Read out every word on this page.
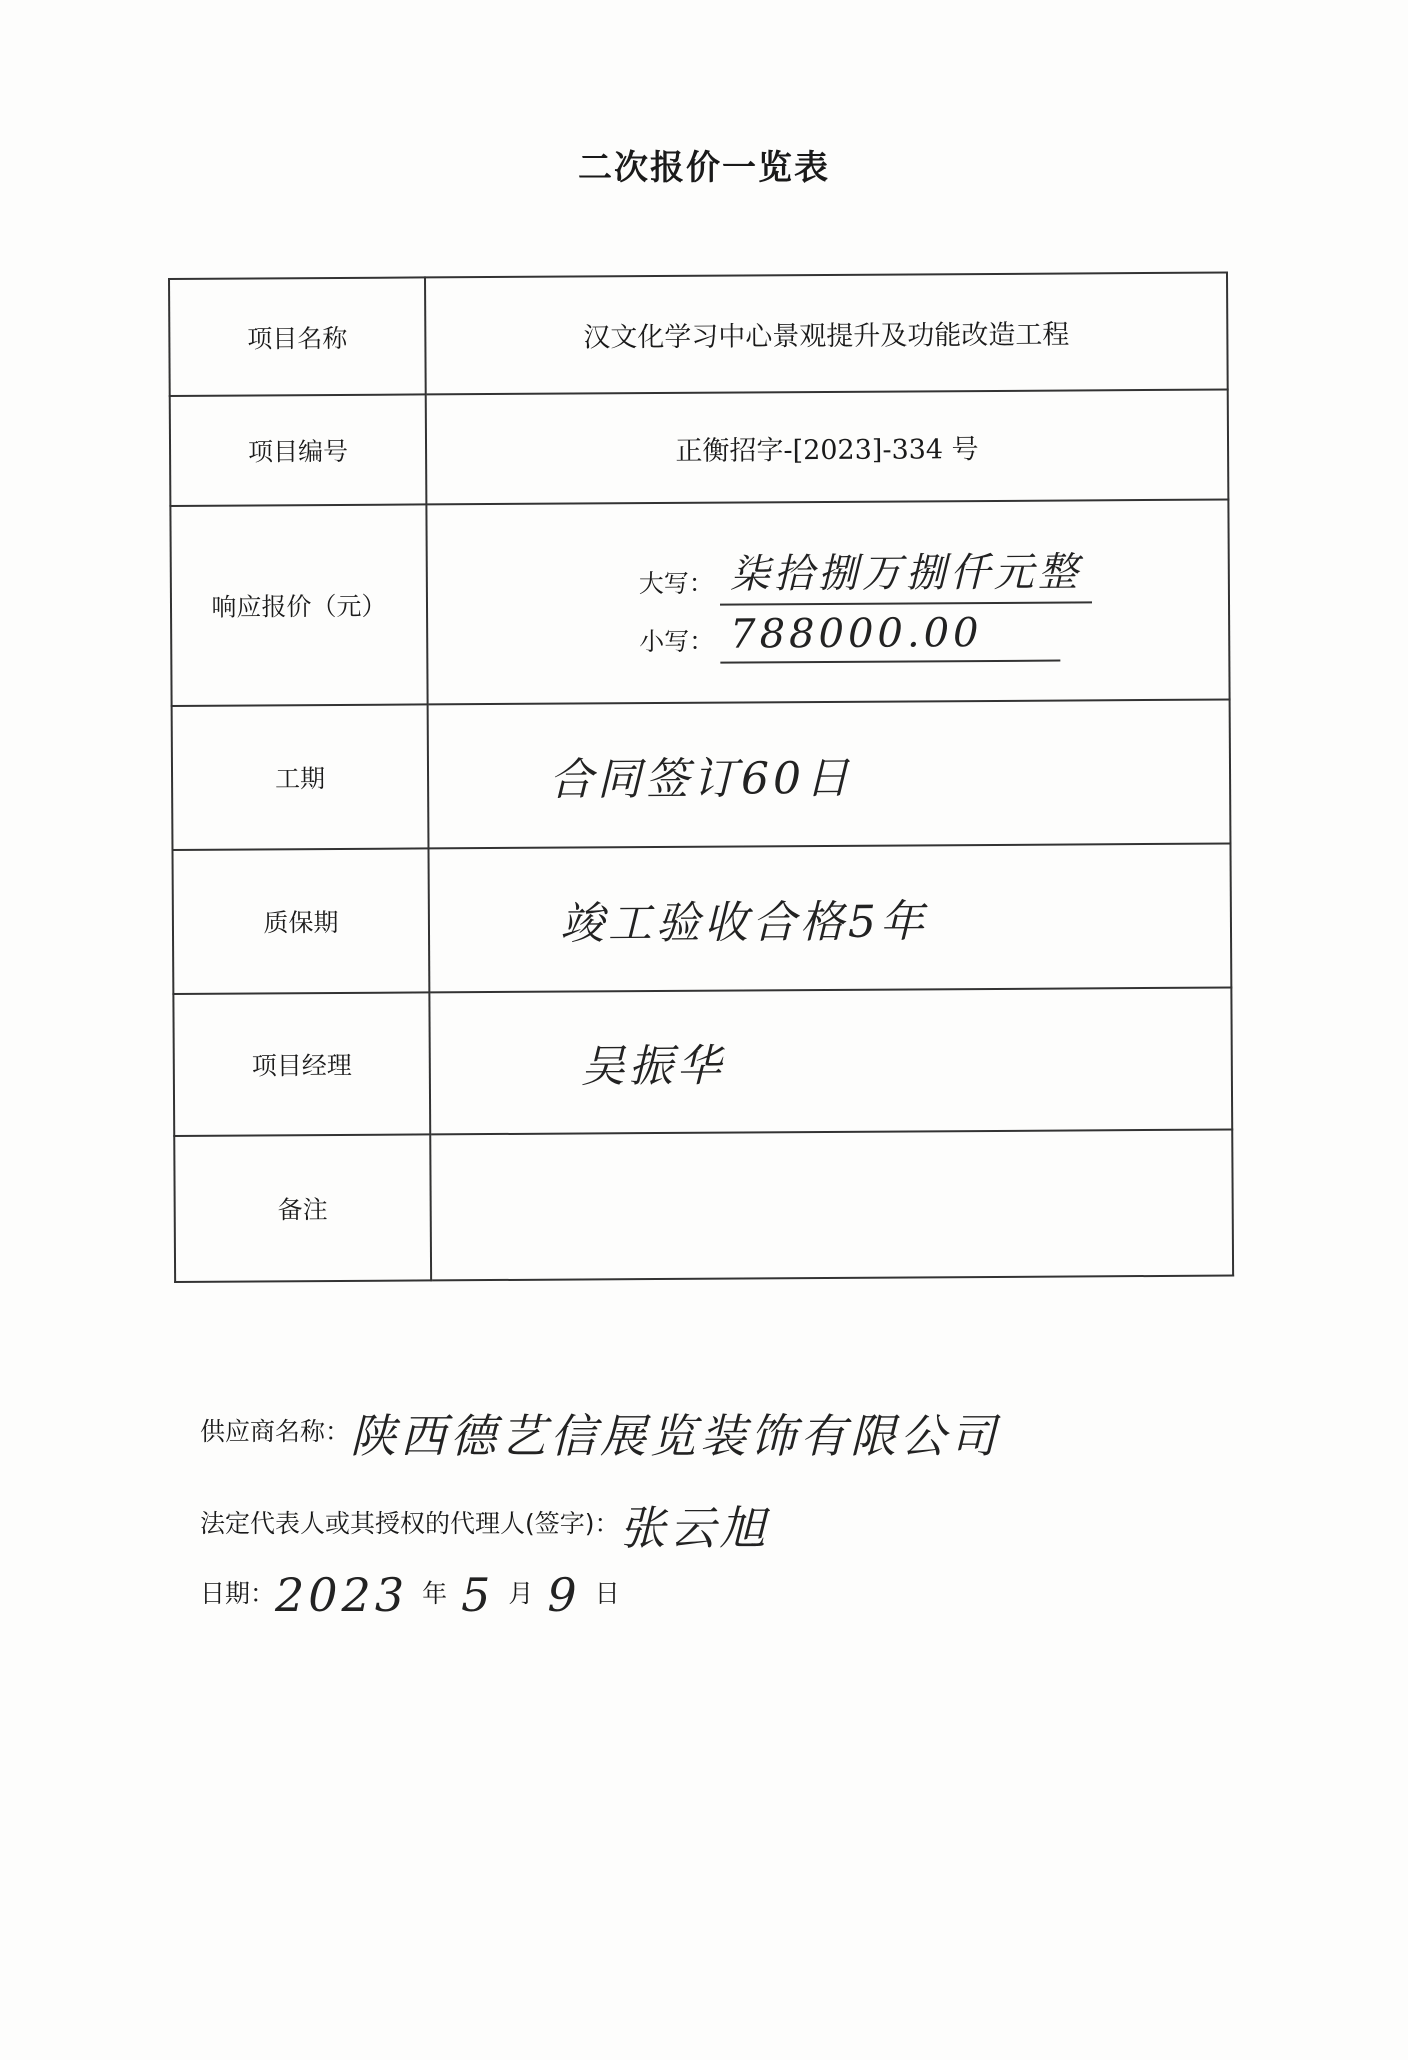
二次报价一览表
项目名称	汉文化学习中心景观提升及功能改造工程
项目编号	正衡招字-[2023]-334 号
响应报价（元）	大写： 柒拾捌万捌仟元整
小写： 788000.00

工期	合同签订60日
质保期	竣工验收合格5年
项目经理	吴振华
备注	
供应商名称：陕西德艺信展览装饰有限公司
法定代表人或其授权的代理人(签字)：张云旭
日期：2023 年 5 月 9 日
